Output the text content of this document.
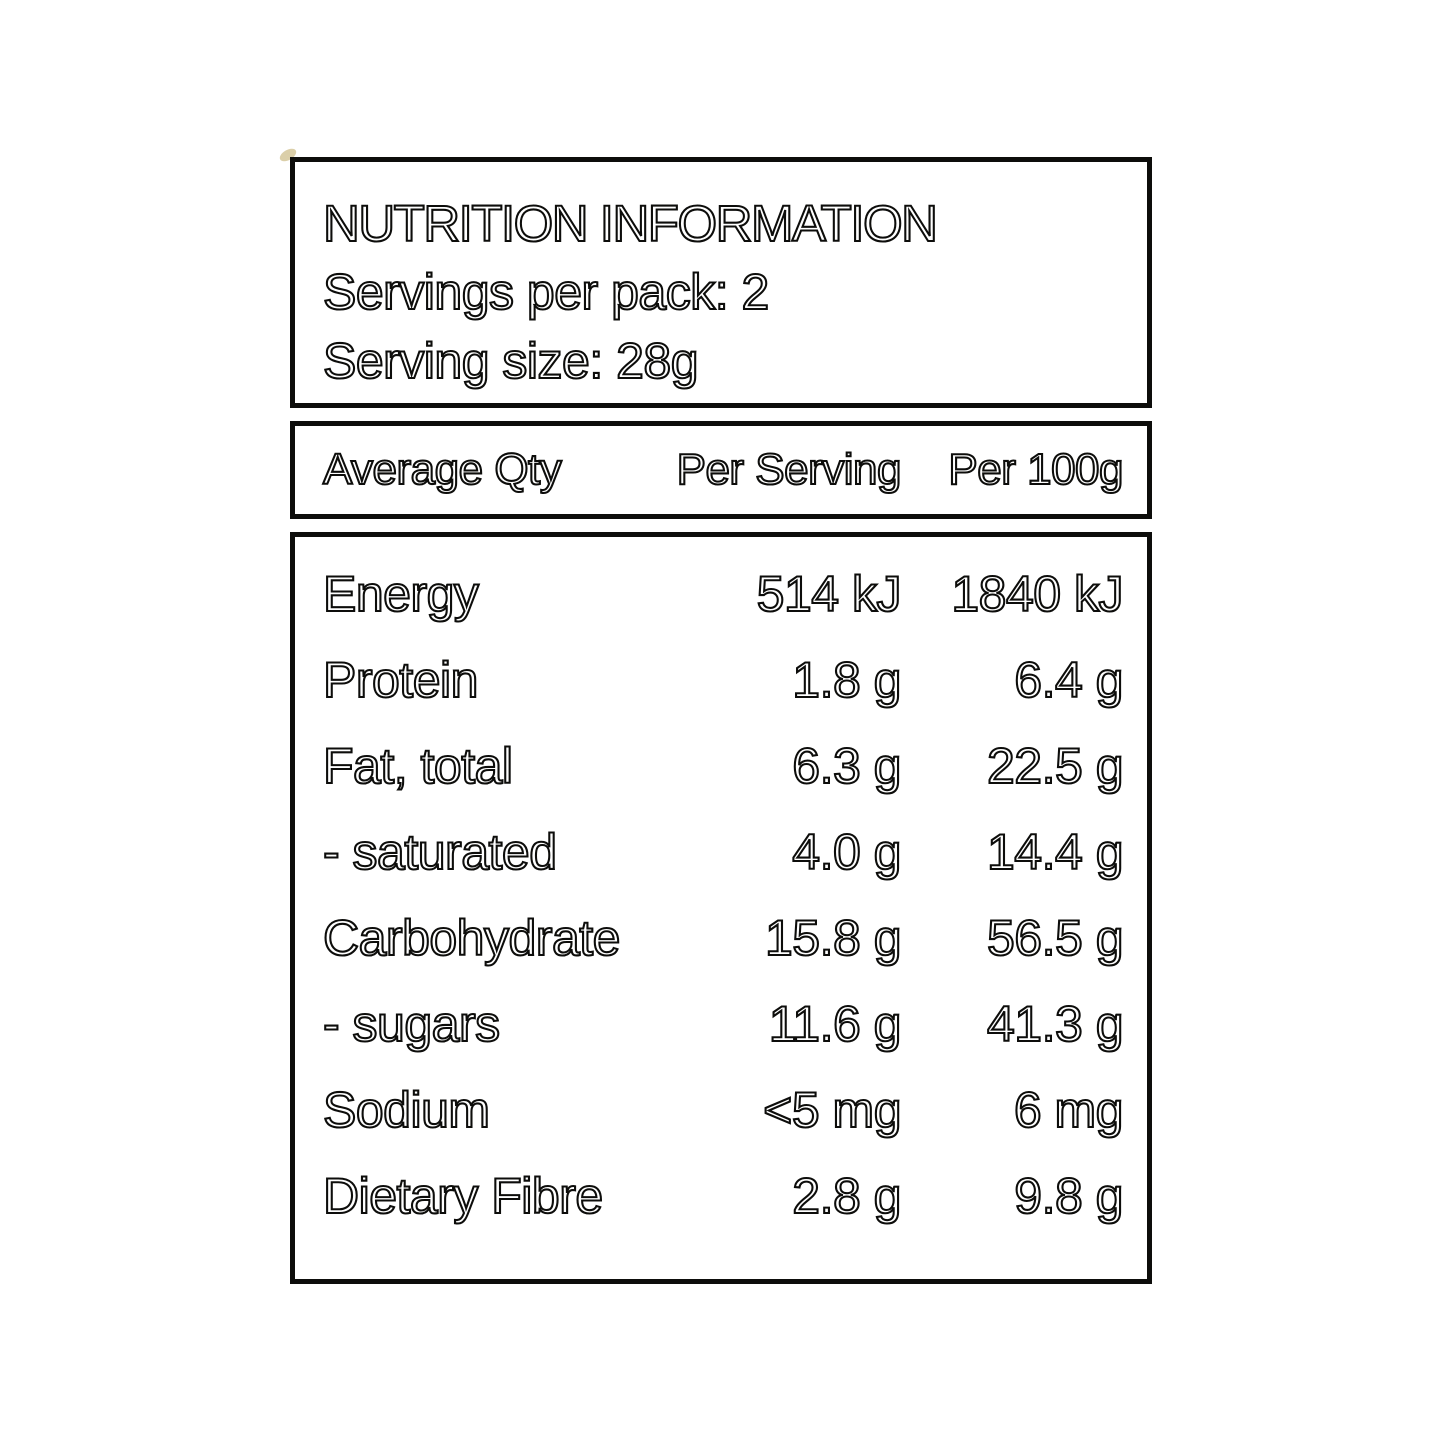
NUTRITION INFORMATION
Servings per pack: 2
Serving size: 28g
Average Qty	Per Serving	Per 100g
Energy	514 kJ	1840 kJ
Protein	1.8 g	6.4 g
Fat, total	6.3 g	22.5 g
- saturated	4.0 g	14.4 g
Carbohydrate	15.8 g	56.5 g
- sugars	11.6 g	41.3 g
Sodium	<5 mg	6 mg
Dietary Fibre	2.8 g	9.8 g
